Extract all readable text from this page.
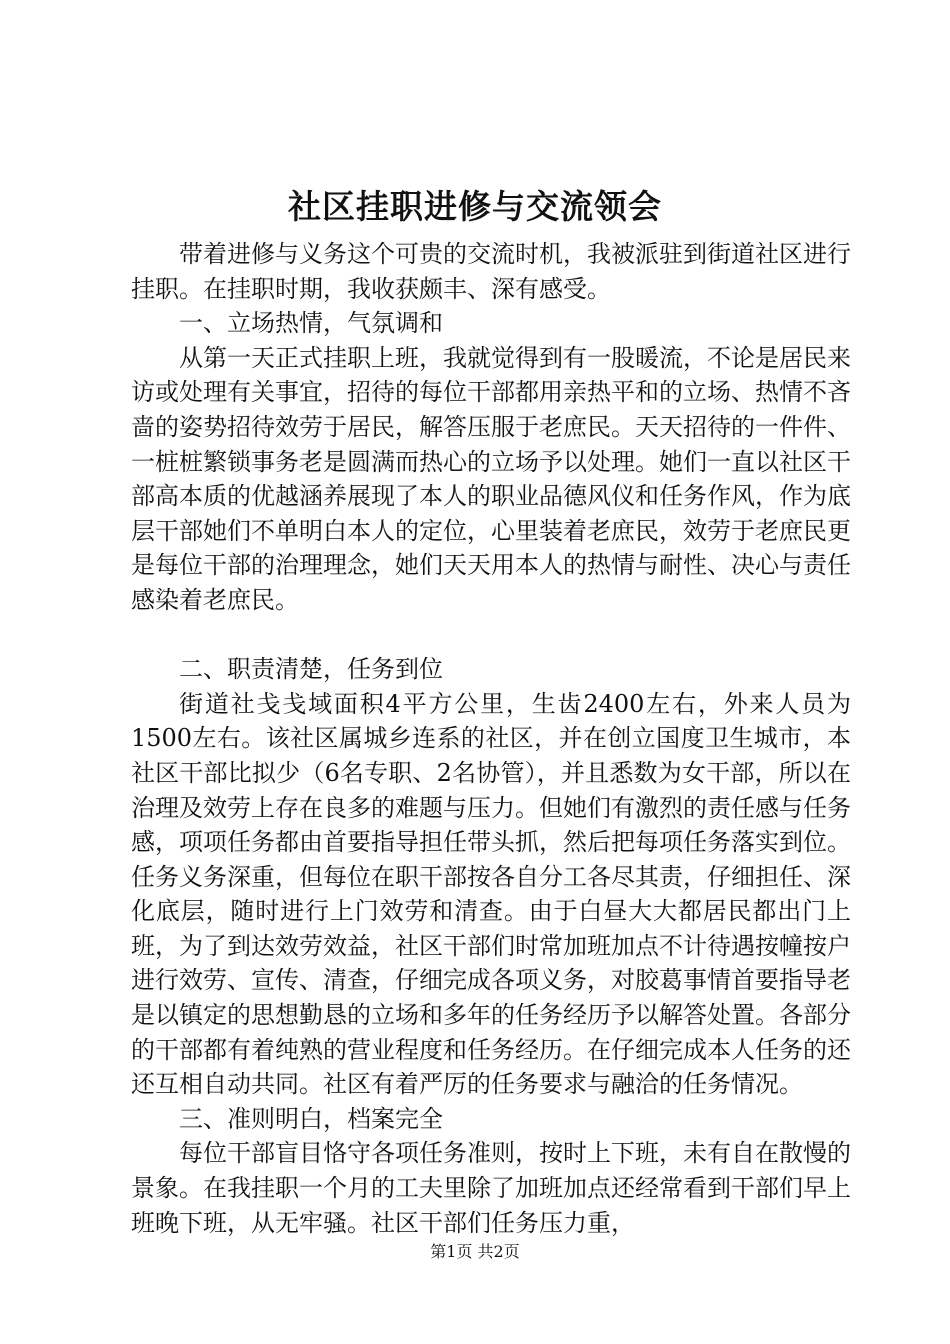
社区挂职进修与交流领会

带着进修与义务这个可贵的交流时机，我被派驻到街道社区进行挂职。在挂职时期，我收获颇丰、深有感受。

一、立场热情，气氛调和

从第一天正式挂职上班，我就觉得到有一股暖流，不论是居民来访或处理有关事宜，招待的每位干部都用亲热平和的立场、热情不吝啬的姿势招待效劳于居民，解答压服于老庶民。天天招待的一件件、一桩桩繁锁事务老是圆满而热心的立场予以处理。她们一直以社区干部高本质的优越涵养展现了本人的职业品德风仪和任务作风，作为底层干部她们不单明白本人的定位，心里装着老庶民，效劳于老庶民更是每位干部的治理理念，她们天天用本人的热情与耐性、决心与责任感染着老庶民。

二、职责清楚，任务到位

街道社戋戋域面积4平方公里，生齿2400左右，外来人员为1500左右。该社区属城乡连系的社区，并在创立国度卫生城市，本社区干部比拟少（6名专职、2名协管），并且悉数为女干部，所以在治理及效劳上存在良多的难题与压力。但她们有激烈的责任感与任务感，项项任务都由首要指导担任带头抓，然后把每项任务落实到位。任务义务深重，但每位在职干部按各自分工各尽其责，仔细担任、深化底层，随时进行上门效劳和清查。由于白昼大大都居民都出门上班，为了到达效劳效益，社区干部们时常加班加点不计待遇按幢按户进行效劳、宣传、清查，仔细完成各项义务，对胶葛事情首要指导老是以镇定的思想勤恳的立场和多年的任务经历予以解答处置。各部分的干部都有着纯熟的营业程度和任务经历。在仔细完成本人任务的还还互相自动共同。社区有着严厉的任务要求与融洽的任务情况。

三、准则明白，档案完全

每位干部盲目恪守各项任务准则，按时上下班，未有自在散慢的景象。在我挂职一个月的工夫里除了加班加点还经常看到干部们早上班晚下班，从无牢骚。社区干部们任务压力重，

第1页 共2页
